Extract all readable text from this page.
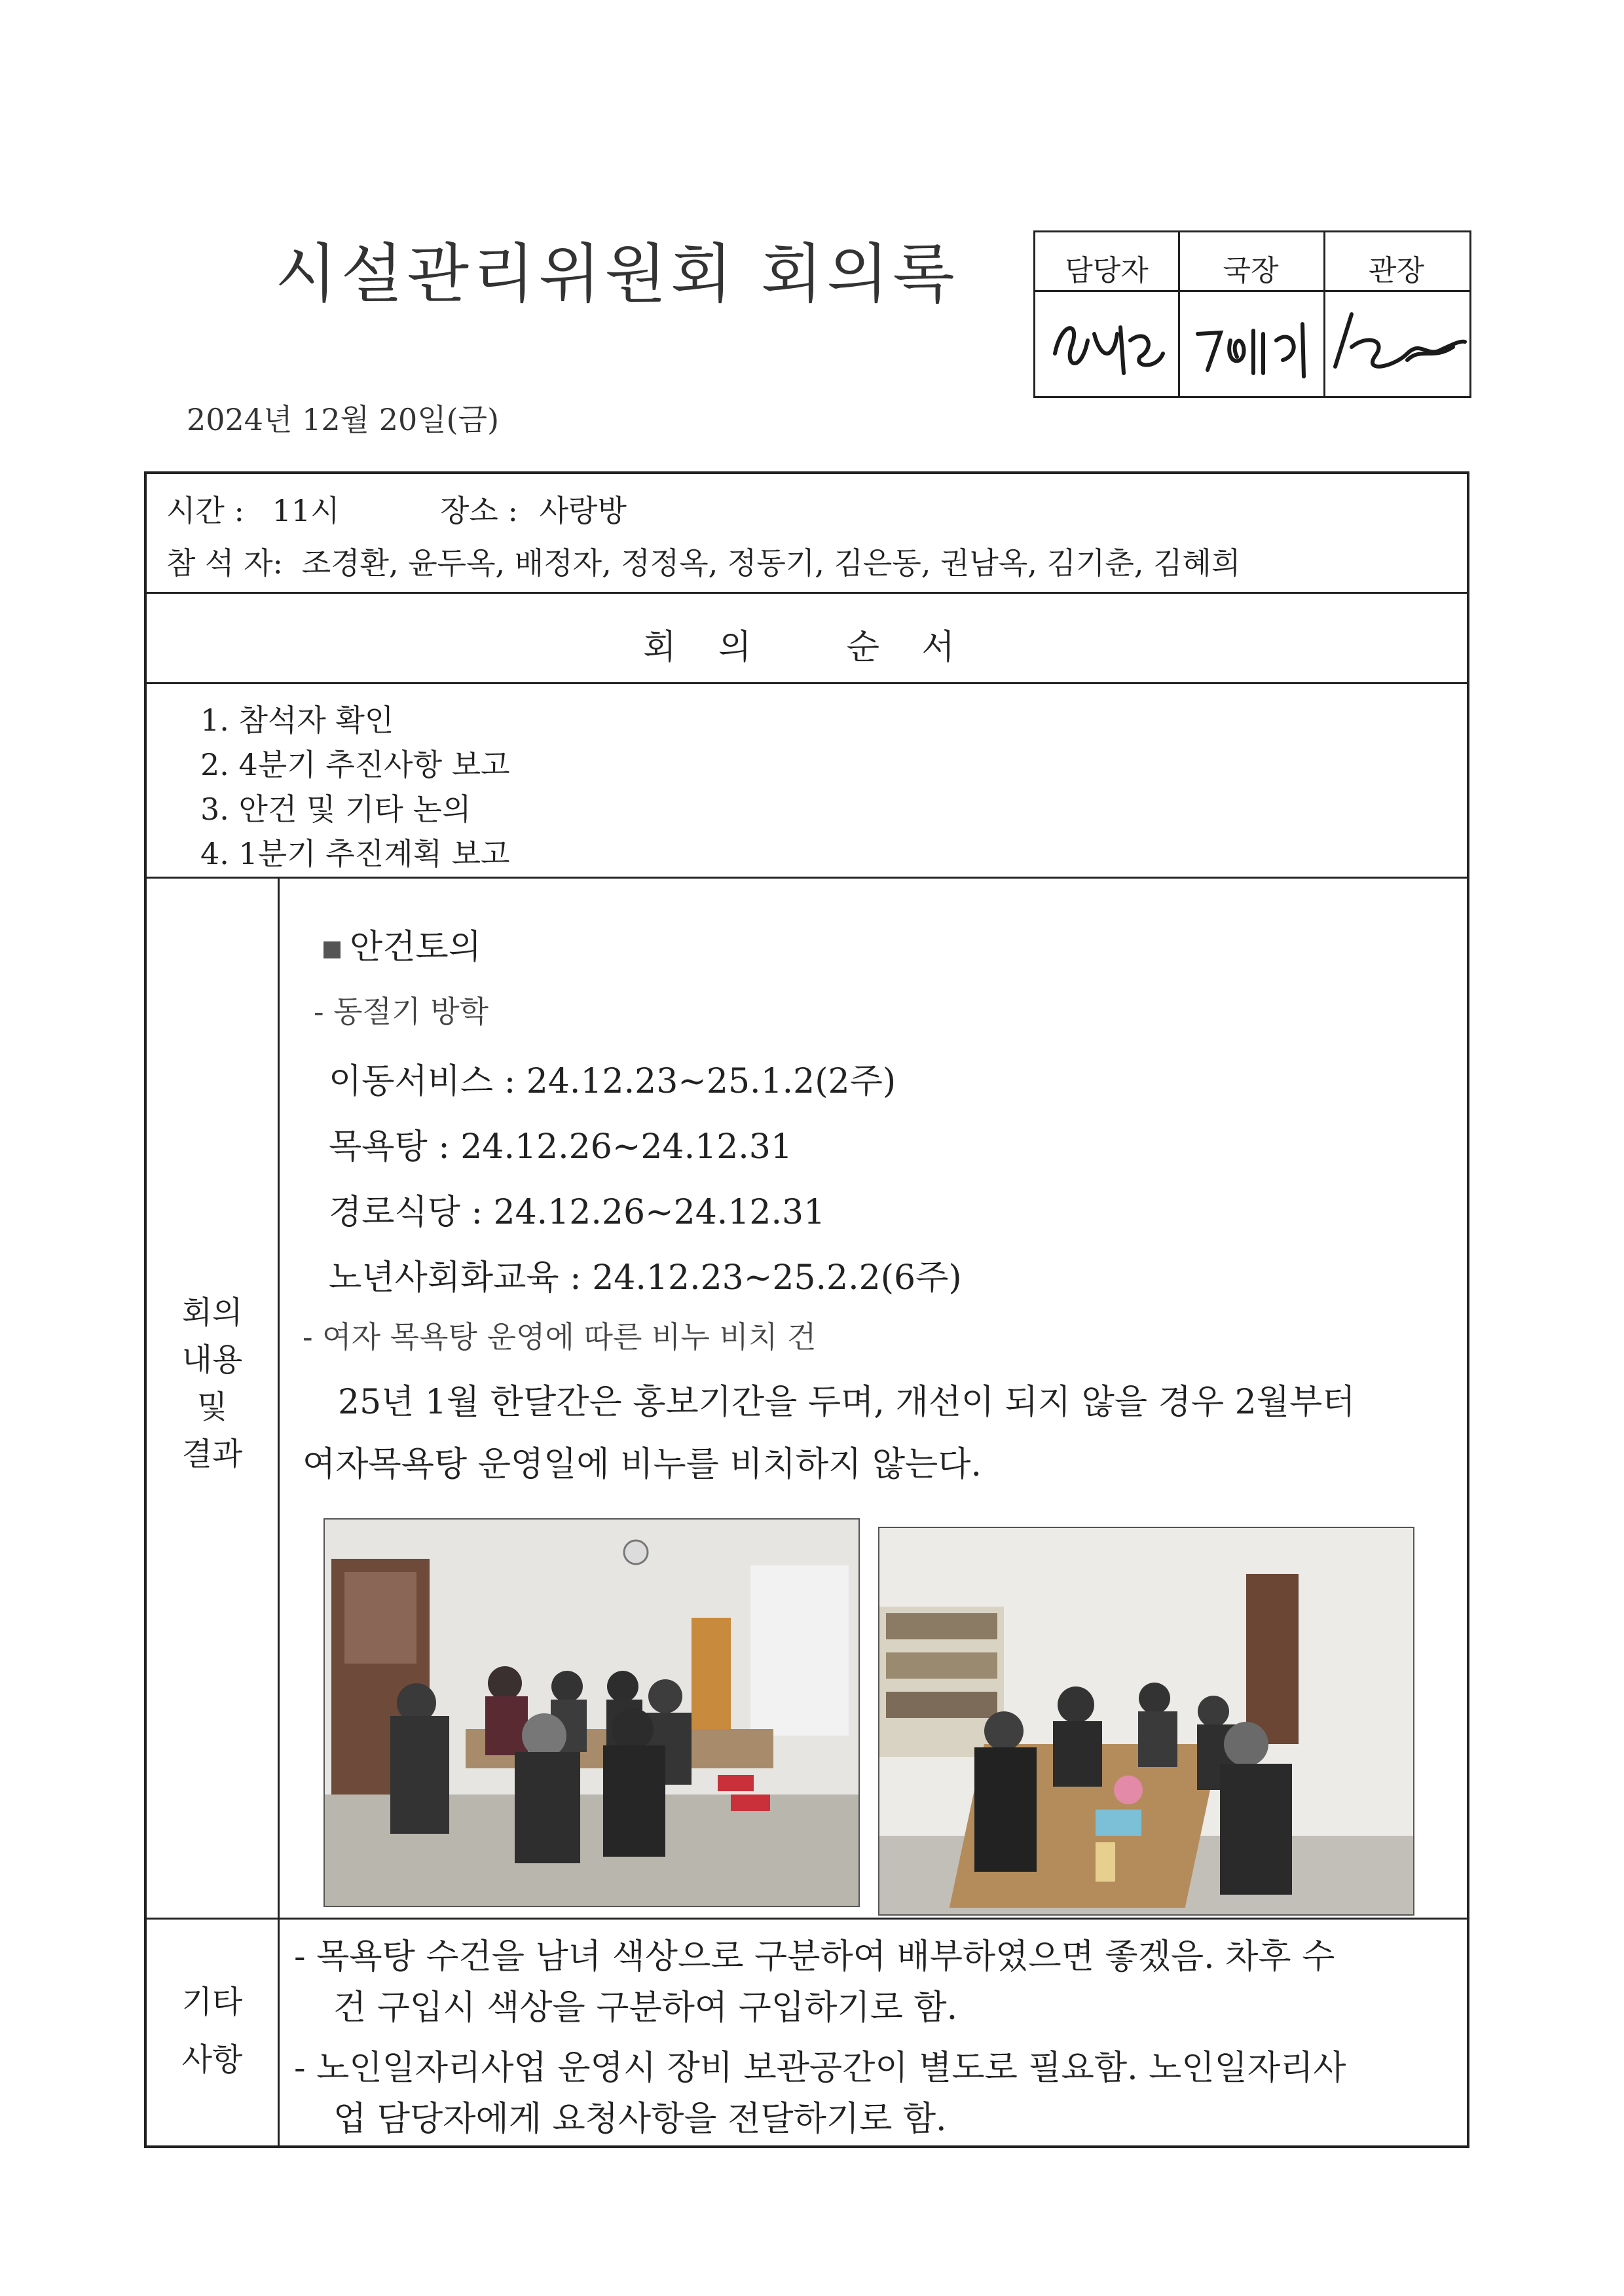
시설관리위원회 회의록
2024년 12월 20일(금)
담당자	국장	관장
시간 : 11시	장소 : 사랑방
참 석 자: 조경환, 윤두옥, 배정자, 정정옥, 정동기, 김은동, 권남옥, 김기춘, 김혜희
회 의   순 서
1. 참석자 확인
2. 4분기 추진사항 보고
3. 안건 및 기타 논의
4. 1분기 추진계획 보고
회의
내용
및
결과
안건토의
- 동절기 방학
이동서비스 : 24.12.23~25.1.2(2주)
목욕탕 : 24.12.26~24.12.31
경로식당 : 24.12.26~24.12.31
노년사회화교육 : 24.12.23~25.2.2(6주)
- 여자 목욕탕 운영에 따른 비누 비치 건
25년 1월 한달간은 홍보기간을 두며, 개선이 되지 않을 경우 2월부터
여자목욕탕 운영일에 비누를 비치하지 않는다.
기타
사항
- 목욕탕 수건을 남녀 색상으로 구분하여 배부하였으면 좋겠음. 차후 수
건 구입시 색상을 구분하여 구입하기로 함.
- 노인일자리사업 운영시 장비 보관공간이 별도로 필요함. 노인일자리사
업 담당자에게 요청사항을 전달하기로 함.
